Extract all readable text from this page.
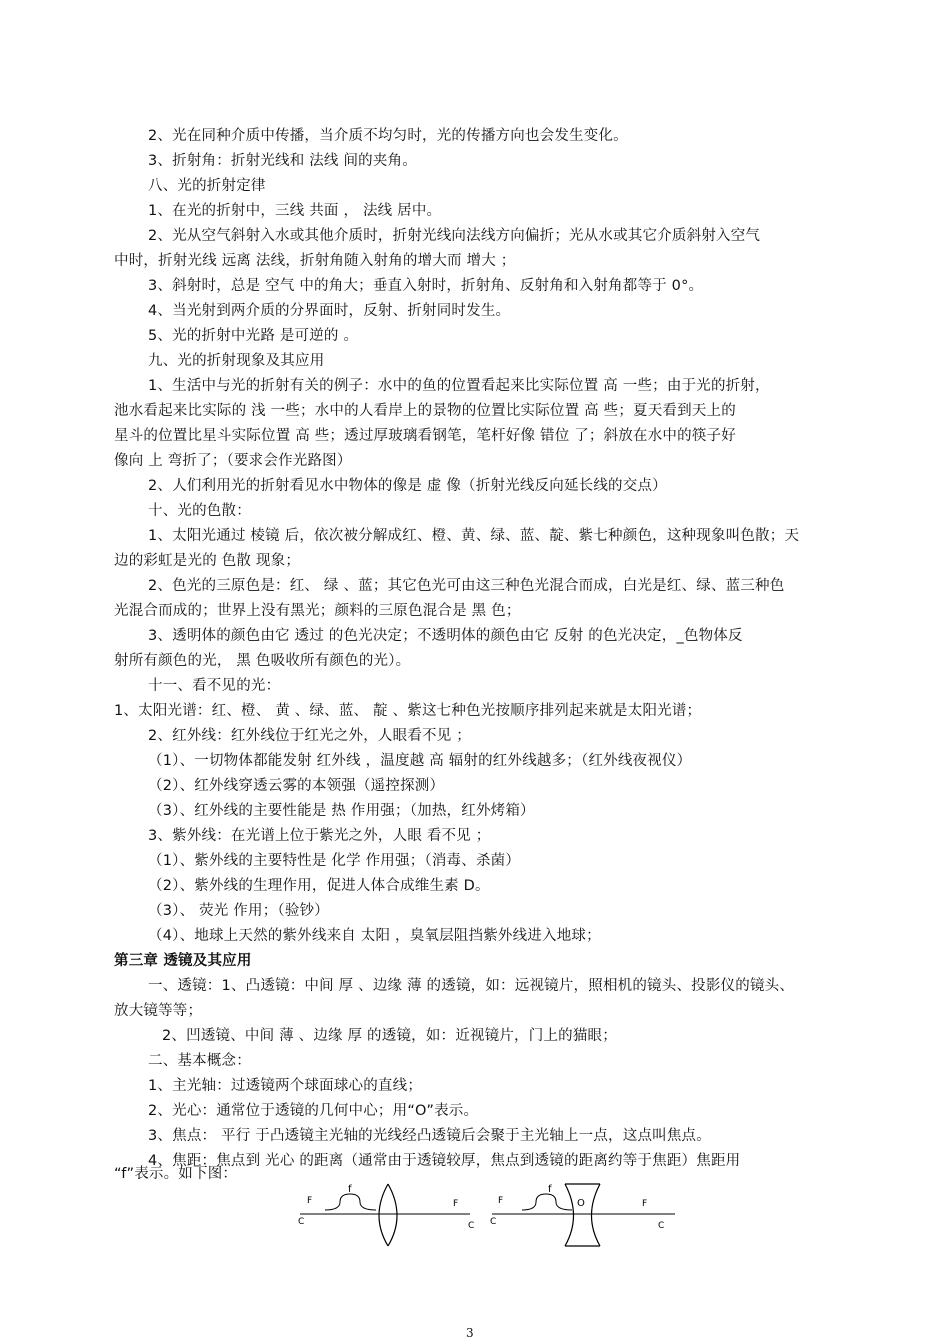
2、光在同种介质中传播，当介质不均匀时，光的传播方向也会发生变化。
3、折射角：折射光线和 法线 间的夹角。
八、光的折射定律
1、在光的折射中，三线 共面 ， 法线 居中。
2、光从空气斜射入水或其他介质时，折射光线向法线方向偏折；光从水或其它介质斜射入空气
中时，折射光线 远离 法线，折射角随入射角的增大而 增大 ；
3、斜射时，总是 空气 中的角大；垂直入射时，折射角、反射角和入射角都等于 0°。
4、当光射到两介质的分界面时，反射、折射同时发生。
5、光的折射中光路 是可逆的 。
九、光的折射现象及其应用
1、生活中与光的折射有关的例子：水中的鱼的位置看起来比实际位置 高 一些；由于光的折射，
池水看起来比实际的 浅 一些；水中的人看岸上的景物的位置比实际位置 高 些；夏天看到天上的
星斗的位置比星斗实际位置 高 些；透过厚玻璃看钢笔，笔杆好像 错位 了；斜放在水中的筷子好
像向 上 弯折了；（要求会作光路图）
2、人们利用光的折射看见水中物体的像是 虚 像（折射光线反向延长线的交点）
十、光的色散：
1、太阳光通过 棱镜 后，依次被分解成红、橙、黄、绿、蓝、靛、紫七种颜色，这种现象叫色散；天
边的彩虹是光的 色散 现象；
2、色光的三原色是：红、 绿 、蓝；其它色光可由这三种色光混合而成，白光是红、绿、蓝三种色
光混合而成的；世界上没有黑光；颜料的三原色混合是 黑 色；
3、透明体的颜色由它 透过 的色光决定；不透明体的颜色由它 反射 的色光决定，_色物体反
射所有颜色的光， 黑 色吸收所有颜色的光）。
十一、看不见的光：
1、太阳光谱：红、橙、 黄 、绿、蓝、 靛 、紫这七种色光按顺序排列起来就是太阳光谱；
2、红外线：红外线位于红光之外，人眼看不见 ；
（1）、一切物体都能发射 红外线 ，温度越 高 辐射的红外线越多；（红外线夜视仪）
（2）、红外线穿透云雾的本领强（遥控探测）
（3）、红外线的主要性能是 热 作用强；（加热，红外烤箱）
3、紫外线：在光谱上位于紫光之外，人眼 看不见 ；
（1）、紫外线的主要特性是 化学 作用强；（消毒、杀菌）
（2）、紫外线的生理作用，促进人体合成维生素 D。
（3）、 荧光 作用；（验钞）
（4）、地球上天然的紫外线来自 太阳 ，臭氧层阻挡紫外线进入地球；
第三章 透镜及其应用
一、透镜：1、凸透镜：中间 厚 、边缘 薄 的透镜，如：远视镜片，照相机的镜头、投影仪的镜头、
放大镜等等；
2、凹透镜、中间 薄 、边缘 厚 的透镜，如：近视镜片，门上的猫眼；
二、基本概念：
1、主光轴：过透镜两个球面球心的直线；
2、光心：通常位于透镜的几何中心；用“O”表示。
3、焦点： 平行 于凸透镜主光轴的光线经凸透镜后会聚于主光轴上一点，这点叫焦点。
4、焦距：焦点到 光心 的距离（通常由于透镜较厚，焦点到透镜的距离约等于焦距）焦距用
“f”表示。如下图：
F
f
F
C	C
F
f
O	F
C	C
3
